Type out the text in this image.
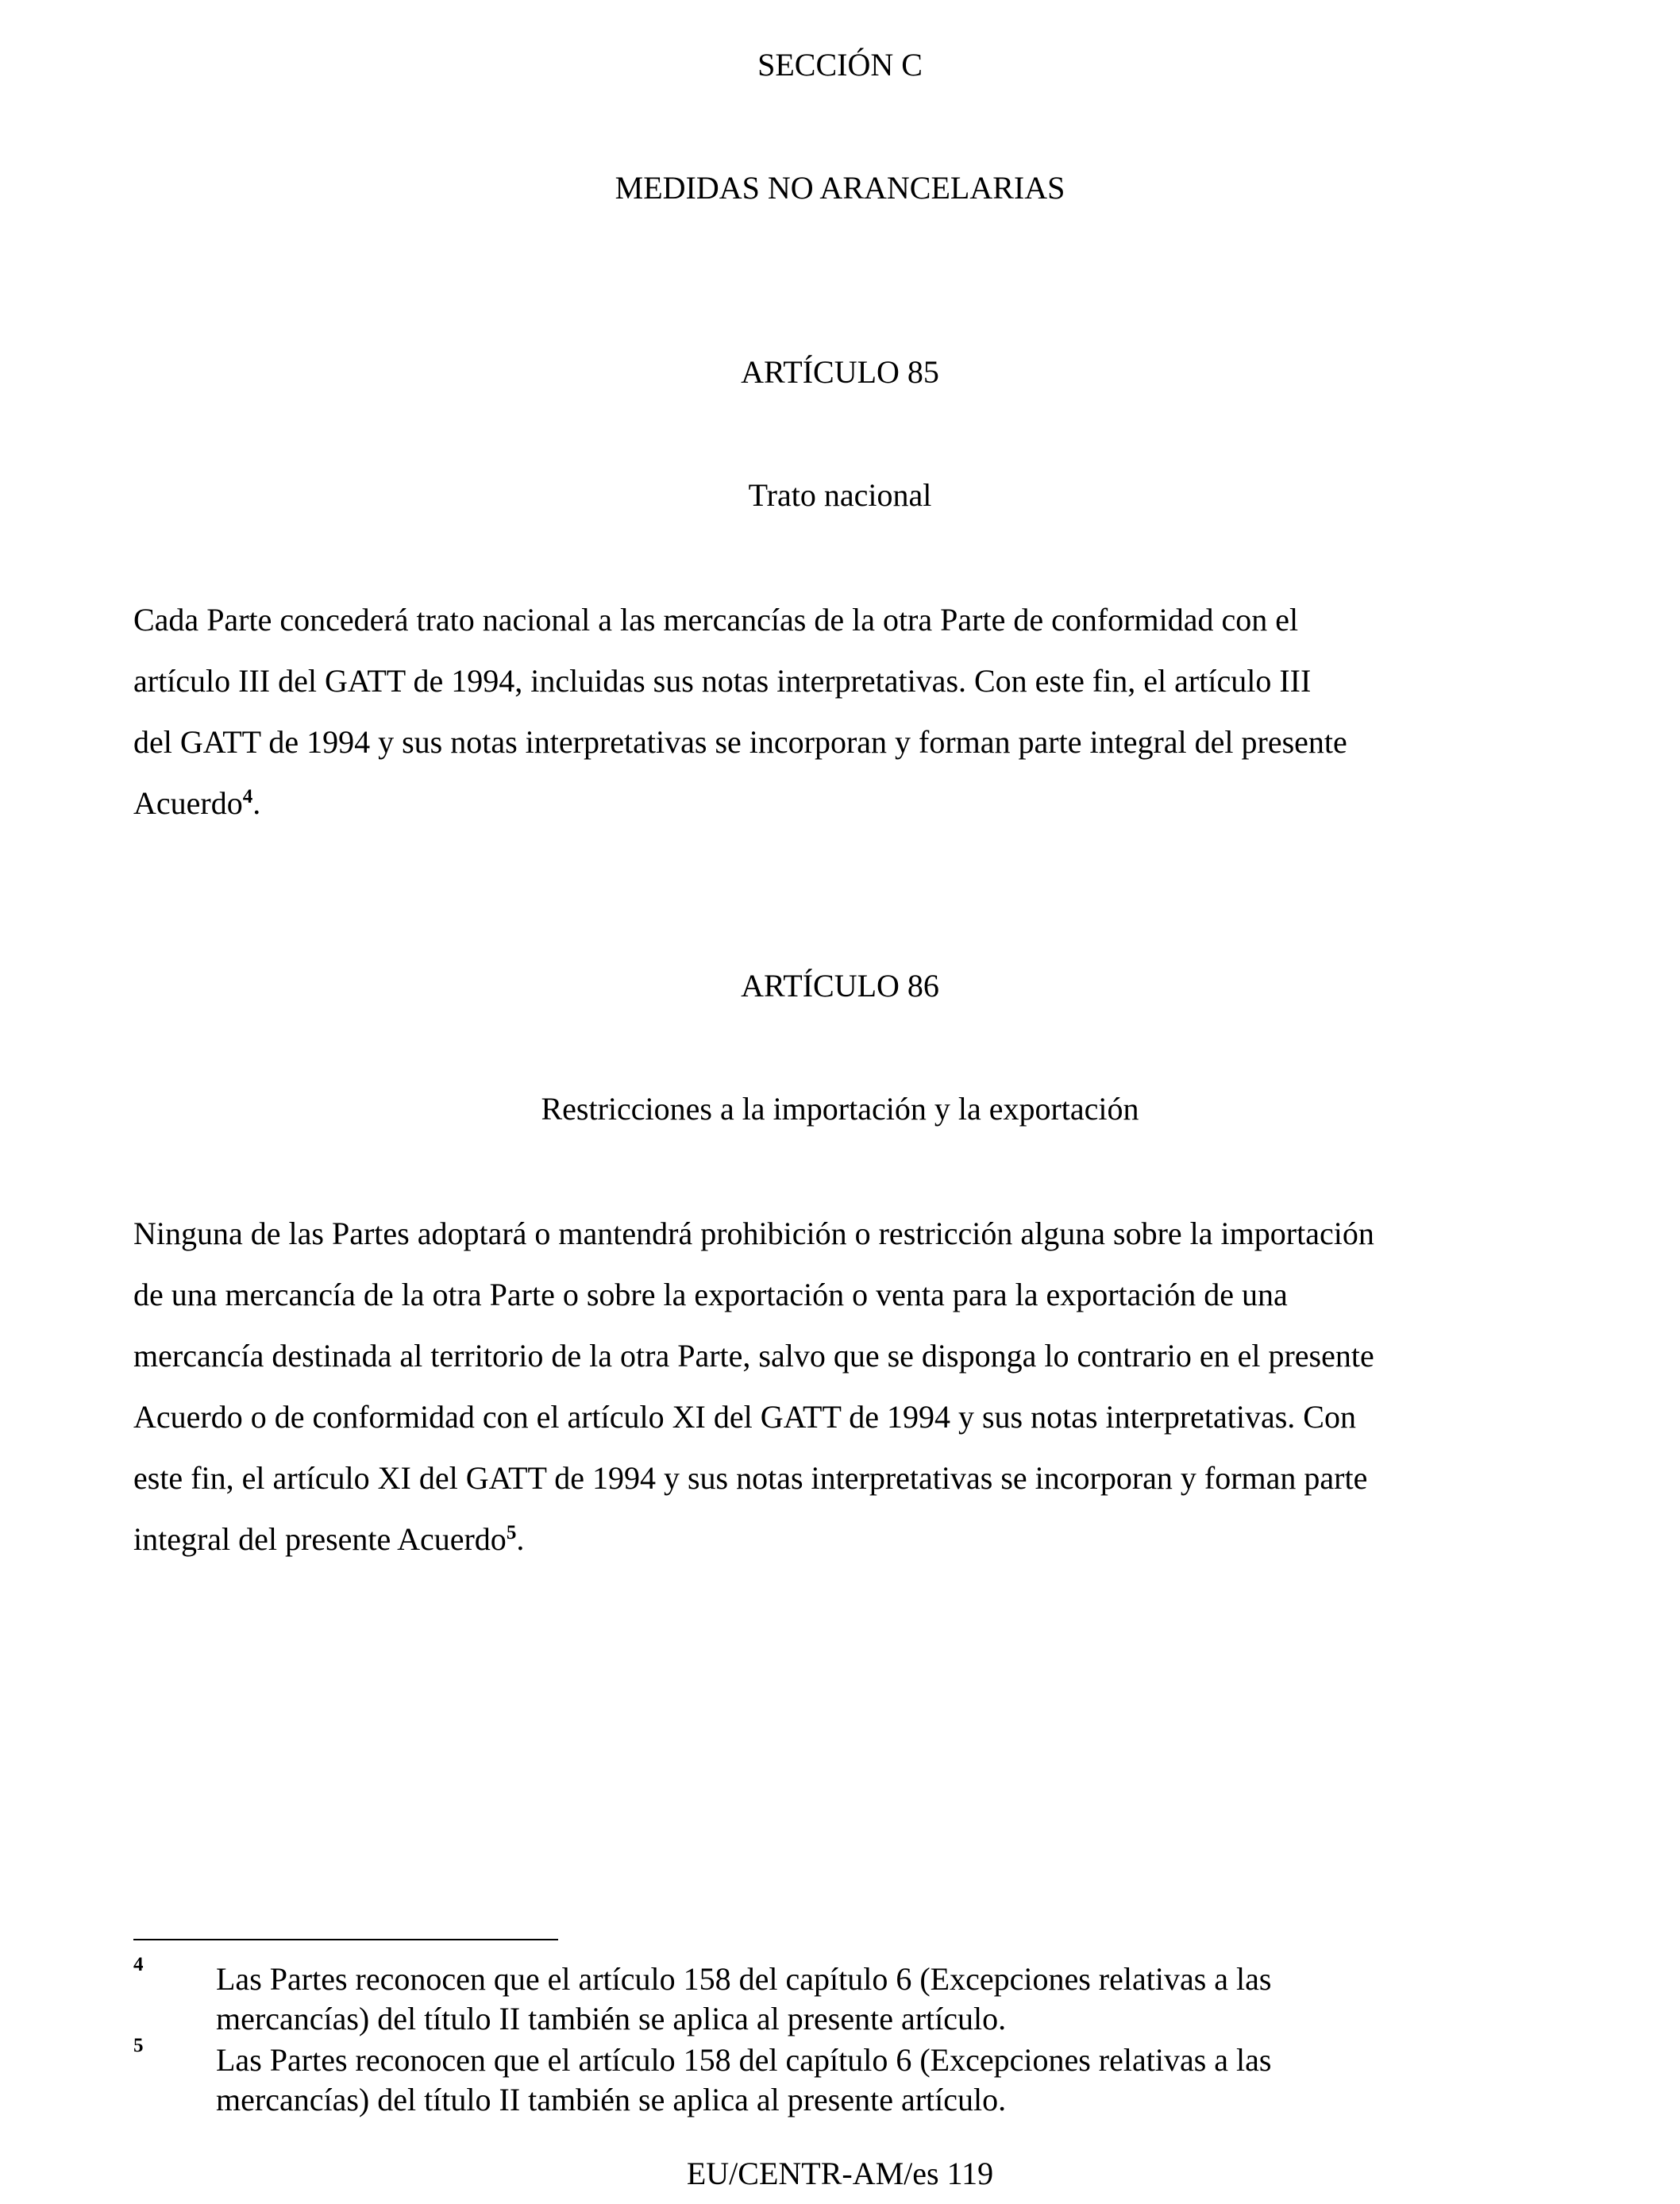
SECCIÓN C
MEDIDAS NO ARANCELARIAS
ARTÍCULO 85
Trato nacional
Cada Parte concederá trato nacional a las mercancías de la otra Parte de conformidad con el
artículo III del GATT de 1994, incluidas sus notas interpretativas. Con este fin, el artículo III
del GATT de 1994 y sus notas interpretativas se incorporan y forman parte integral del presente
Acuerdo$^4$.
ARTÍCULO 86
Restricciones a la importación y la exportación
Ninguna de las Partes adoptará o mantendrá prohibición o restricción alguna sobre la importación
de una mercancía de la otra Parte o sobre la exportación o venta para la exportación de una
mercancía destinada al territorio de la otra Parte, salvo que se disponga lo contrario en el presente
Acuerdo o de conformidad con el artículo XI del GATT de 1994 y sus notas interpretativas. Con
este fin, el artículo XI del GATT de 1994 y sus notas interpretativas se incorporan y forman parte
integral del presente Acuerdo$^5$.
4 Las Partes reconocen que el artículo 158 del capítulo 6 (Excepciones relativas a las
mercancías) del título II también se aplica al presente artículo.
5 Las Partes reconocen que el artículo 158 del capítulo 6 (Excepciones relativas a las
mercancías) del título II también se aplica al presente artículo.
EU/CENTR-AM/es 119
